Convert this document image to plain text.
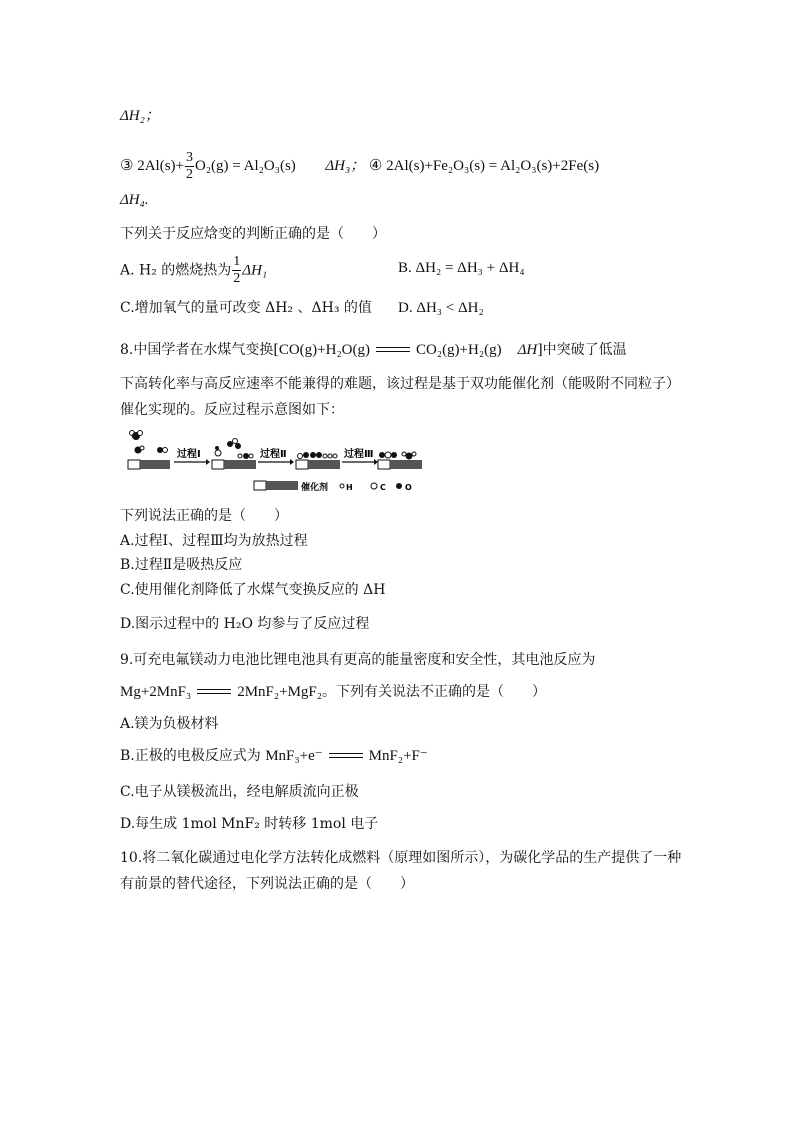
ΔH₂；
③ $2Al(s)+ \frac{3}{2} O_2(g) = Al_2O_3(s)$ ΔH₃； ④ 2Al(s)+Fe₂O₃(s) = Al₂O₃(s)+2Fe(s)
ΔH₄.
下列关于反应焓变的判断正确的是（　　）
A. H₂ 的燃烧热为 $\frac{1}{2} \Delta H_1$	B. ΔH₂ = ΔH₃ + ΔH₄
C.增加氧气的量可改变 ΔH₂ 、ΔH₃ 的值 D. ΔH₃ < ΔH₂
8.中国学者在水煤气变换[CO(g)+H₂O(g)	CO₂(g)+H₂(g) ΔH]中突破了低温
下高转化率与高反应速率不能兼得的难题，该过程是基于双功能催化剂（能吸附不同粒子）
催化实现的。反应过程示意图如下：
过程Ⅰ	过程Ⅱ	过程Ⅲ
催化剂 H	C O
下列说法正确的是（　　）
A.过程Ⅰ、过程Ⅲ均为放热过程
B.过程Ⅱ是吸热反应
C.使用催化剂降低了水煤气变换反应的 ΔH
D.图示过程中的 H₂O 均参与了反应过程
9.可充电氟镁动力电池比锂电池具有更高的能量密度和安全性，其电池反应为
Mg+2MnF₃	2MnF₂+MgF₂。下列有关说法不正确的是（　　）
A.镁为负极材料
B.正极的电极反应式为 MnF₃+e⁻	MnF₂+F⁻
C.电子从镁极流出，经电解质流向正极
D.每生成 1mol MnF₂ 时转移 1mol 电子
10.将二氧化碳通过电化学方法转化成燃料（原理如图所示），为碳化学品的生产提供了一种
有前景的替代途径，下列说法正确的是（　　）
